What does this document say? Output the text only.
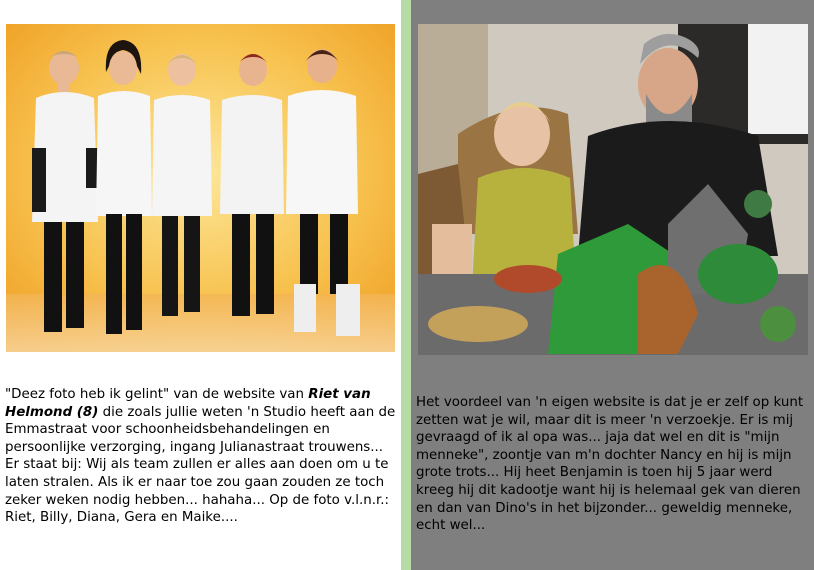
"Deez foto heb ik gelint" van de website van Riet van Helmond (8) die zoals jullie weten 'n Studio heeft aan de Emmastraat voor schoonheidsbehandelingen en persoonlijke verzorging, ingang Julianastraat trouwens... Er staat bij: Wij als team zullen er alles aan doen om u te laten stralen. Als ik er naar toe zou gaan zouden ze toch zeker weken nodig hebben... hahaha... Op de foto v.l.n.r.: Riet, Billy, Diana, Gera en Maike....

Het voordeel van 'n eigen website is dat je er zelf op kunt zetten wat je wil, maar dit is meer 'n verzoekje. Er is mij gevraagd of ik al opa was... jaja dat wel en dit is "mijn menneke", zoontje van m'n dochter Nancy en hij is mijn grote trots... Hij heet Benjamin is toen hij 5 jaar werd kreeg hij dit kadootje want hij is helemaal gek van dieren en dan van Dino's in het bijzonder... geweldig menneke, echt wel...
